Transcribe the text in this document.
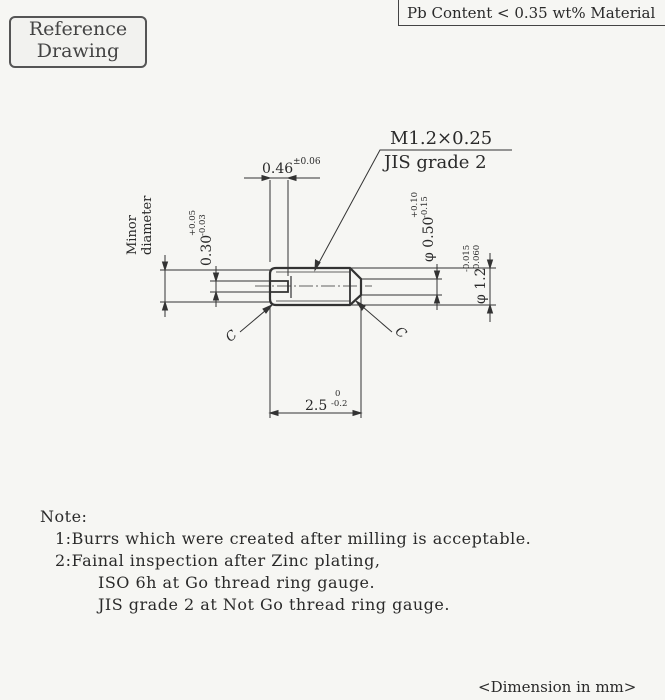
Reference
Drawing
Pb Content < 0.35 wt% Material
M1.2×0.25
JIS grade 2
0.46 ±0.06
Minor diameter	0.30
+0.05 -0.03	φ 0.50
+0.10 -0.15
φ 1.2
-0.015 -0.060
2.5
0
-0.2
C	C
Note:
1:Burrs which were created after milling is acceptable.
2:Fainal inspection after Zinc plating,
ISO 6h at Go thread ring gauge.
JIS grade 2 at Not Go thread ring gauge.
<Dimension in mm>
